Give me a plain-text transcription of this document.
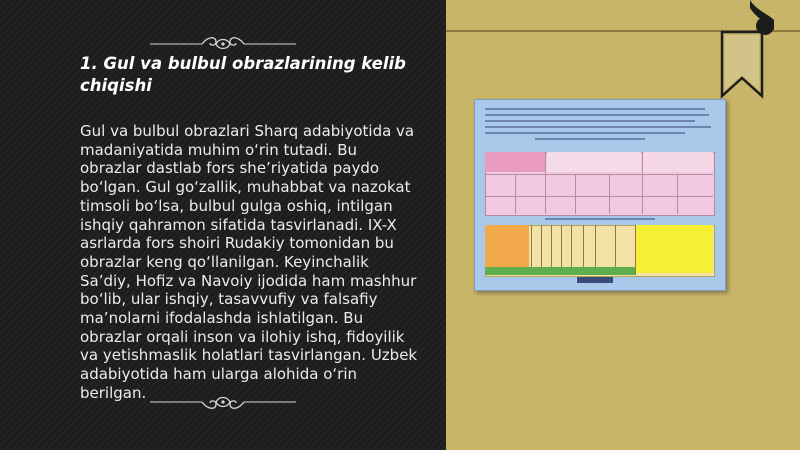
1. Gul va bulbul obrazlarining kelib chiqishi

Gul va bulbul obrazlari Sharq adabiyotida va madaniyatida muhim o‘rin tutadi. Bu obrazlar dastlab fors she’riyatida paydo bo‘lgan. Gul go‘zallik, muhabbat va nazokat timsoli bo‘lsa, bulbul gulga oshiq, intilgan ishqiy qahramon sifatida tasvirlanadi. IX-X asrlarda fors shoiri Rudakiy tomonidan bu obrazlar keng qo‘llanilgan. Keyinchalik Sa’diy, Hofiz va Navoiy ijodida ham mashhur bo‘lib, ular ishqiy, tasavvufiy va falsafiy ma’nolarni ifodalashda ishlatilgan. Bu obrazlar orqali inson va ilohiy ishq, fidoyilik va yetishmaslik holatlari tasvirlangan. Uzbek adabiyotida ham ularga alohida o‘rin berilgan.
